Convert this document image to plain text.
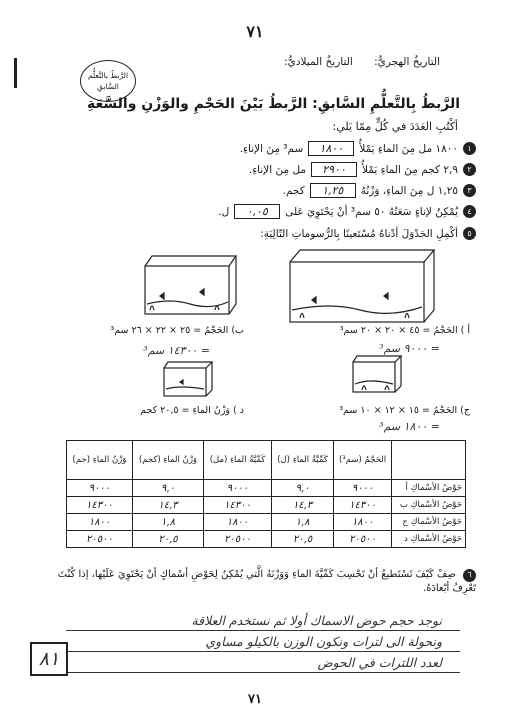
٧١
الرَّبطُ بالتَّعلُّم السَّابقِ
التاريخُ الهجريُّ: التاريخُ الميلاديُّ:
الرَّبطُ بِالتَّعلُّمِ السَّابقِ: الرَّبطُ بَيْنَ الحَجْمِ والوَزْنِ والسَّعَةِ
أكْتُبِ العَدَدَ في كُلٍّ مِمّا يَلي:
١
١٨٠٠ مل مِنَ الماءِ يَمْلأُ
١٨٠٠
سم³ مِنَ الإناءِ.
٢
٢,٩ كجم مِنَ الماءِ يَمْلأُ
٢٩٠٠
مل مِنَ الإناءِ.
٣
١,٢٥ ل مِنَ الماءِ، وَزْنُهُ
١,٢٥
كجم.
٤
يُمْكِنُ لإناءٍ سَعَتُهُ ٥٠ سم³ أنْ يَحْتَوِيَ عَلى
٠,٠٥
ل.
٥
أكْمِلِ الجَدْوَلَ أدْناهُ مُسْتَعينًا بِالرُّسوماتِ التّالِيَةِ:
أ ) الحَجْمُ = ٤٥ × ٢٠ × ٢٠ سم³
= ٩٠٠٠ سم³
ب) الحَجْمُ = ٢٥ × ٢٢ × ٢٦ سم³
= ١٤٣٠٠ سم³
ج) الحَجْمُ = ١٥ × ١٢ × ١٠ سم³
= ١٨٠٠ سم³
د ) وَزْنُ الماءِ = ٢٠,٥ كجم
	الحَجْمُ (سم³)	كَمِّيَّةُ الماءِ (ل)	كَمِّيَّةُ الماءِ (مل)	وَزْنُ الماءِ (كجم)	وَزْنُ الماءِ (جم)
حَوْضُ الأسْماكِ أ	٩٠٠٠	٩,٠	٩٠٠٠	٩,٠	٩٠٠٠
حَوْضُ الأسْماكِ ب	١٤٣٠٠	١٤,٣	١٤٣٠٠	١٤,٣	١٤٣٠٠
حَوْضُ الأسْماكِ ج	١٨٠٠	١,٨	١٨٠٠	١,٨	١٨٠٠
حَوْضُ الأسْماكِ د	٢٠٥٠٠	٢٠,٥	٢٠٥٠٠	٢٠,٥	٢٠٥٠٠
٦ صِفْ كَيْفَ تَسْتَطيعُ أنْ تَحْسِبَ كَمِّيَّةَ الماءِ وَوَزْنَهُ الَّتي يُمْكِنُ لِحَوْضِ أسْماكٍ أنْ يَحْتَوِيَ عَلَيْها، إذا كُنْتَ تَعْرِفُ أبْعادَهُ.
نوجد حجم حوض الاسماك أولا ثم نستخدم العلاقة
ونحولة الى لترات ونكون الوزن بالكيلو مساوي
لعدد اللترات في الحوض
٨١
٧١
